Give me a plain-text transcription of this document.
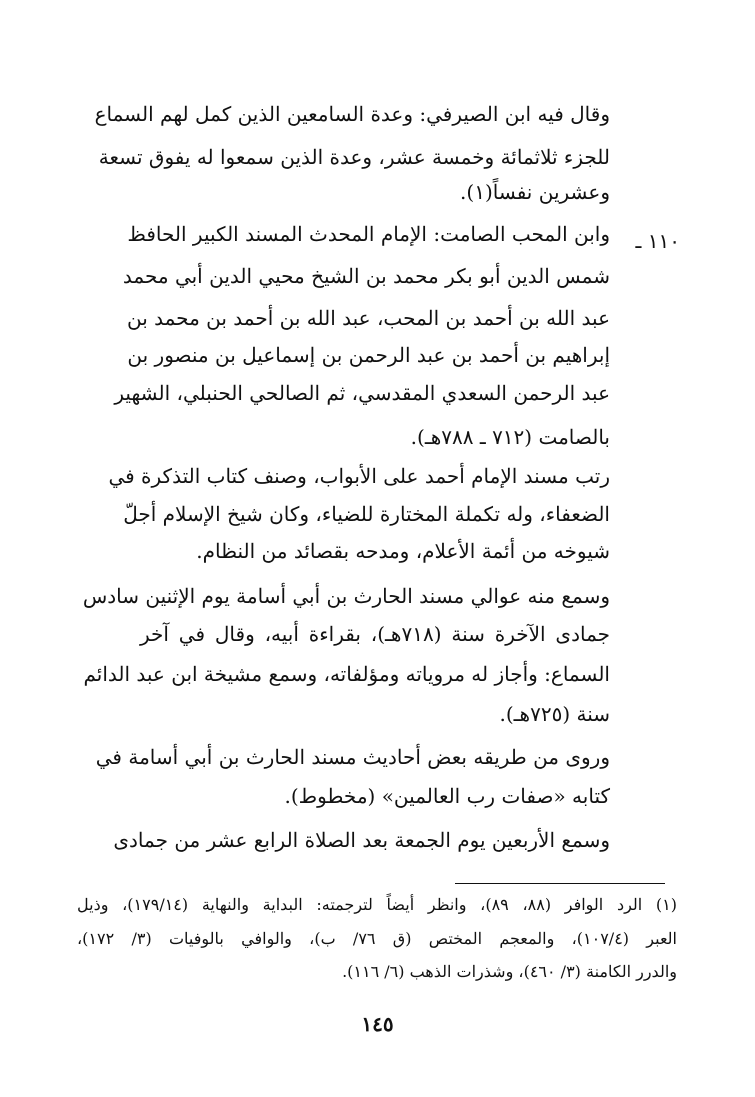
وقال فيه ابن الصيرفي: وعدة السامعين الذين كمل لهم السماع
للجزء ثلاثمائة وخمسة عشر، وعدة الذين سمعوا له يفوق تسعة
وعشرين نفساً(١).
١١٠ ـ
وابن المحب الصامت: الإمام المحدث المسند الكبير الحافظ
شمس الدين أبو بكر محمد بن الشيخ محيي الدين أبي محمد
عبد الله بن أحمد بن المحب، عبد الله بن أحمد بن محمد بن
إبراهيم بن أحمد بن عبد الرحمن بن إسماعيل بن منصور بن
عبد الرحمن السعدي المقدسي، ثم الصالحي الحنبلي، الشهير
بالصامت (٧١٢ ـ ٧٨٨هـ).
رتب مسند الإمام أحمد على الأبواب، وصنف كتاب التذكرة في
الضعفاء، وله تكملة المختارة للضياء، وكان شيخ الإسلام أجلّ
شيوخه من أئمة الأعلام، ومدحه بقصائد من النظام.
وسمع منه عوالي مسند الحارث بن أبي أسامة يوم الإثنين سادس
جمادى الآخرة سنة (٧١٨هـ)، بقراءة أبيه، وقال في آخر
السماع: وأجاز له مروياته ومؤلفاته، وسمع مشيخة ابن عبد الدائم
سنة (٧٢٥هـ).
وروى من طريقه بعض أحاديث مسند الحارث بن أبي أسامة في
كتابه «صفات رب العالمين» (مخطوط).
وسمع الأربعين يوم الجمعة بعد الصلاة الرابع عشر من جمادى
(١) الرد الوافر (٨٨، ٨٩)، وانظر أيضاً لترجمته: البداية والنهاية (١٧٩/١٤)، وذيل
العبر (١٠٧/٤)، والمعجم المختص (ق ٧٦/ ب)، والوافي بالوفيات (٣/ ١٧٢)،
والدرر الكامنة (٣/ ٤٦٠)، وشذرات الذهب (٦/ ١١٦).
١٤٥
